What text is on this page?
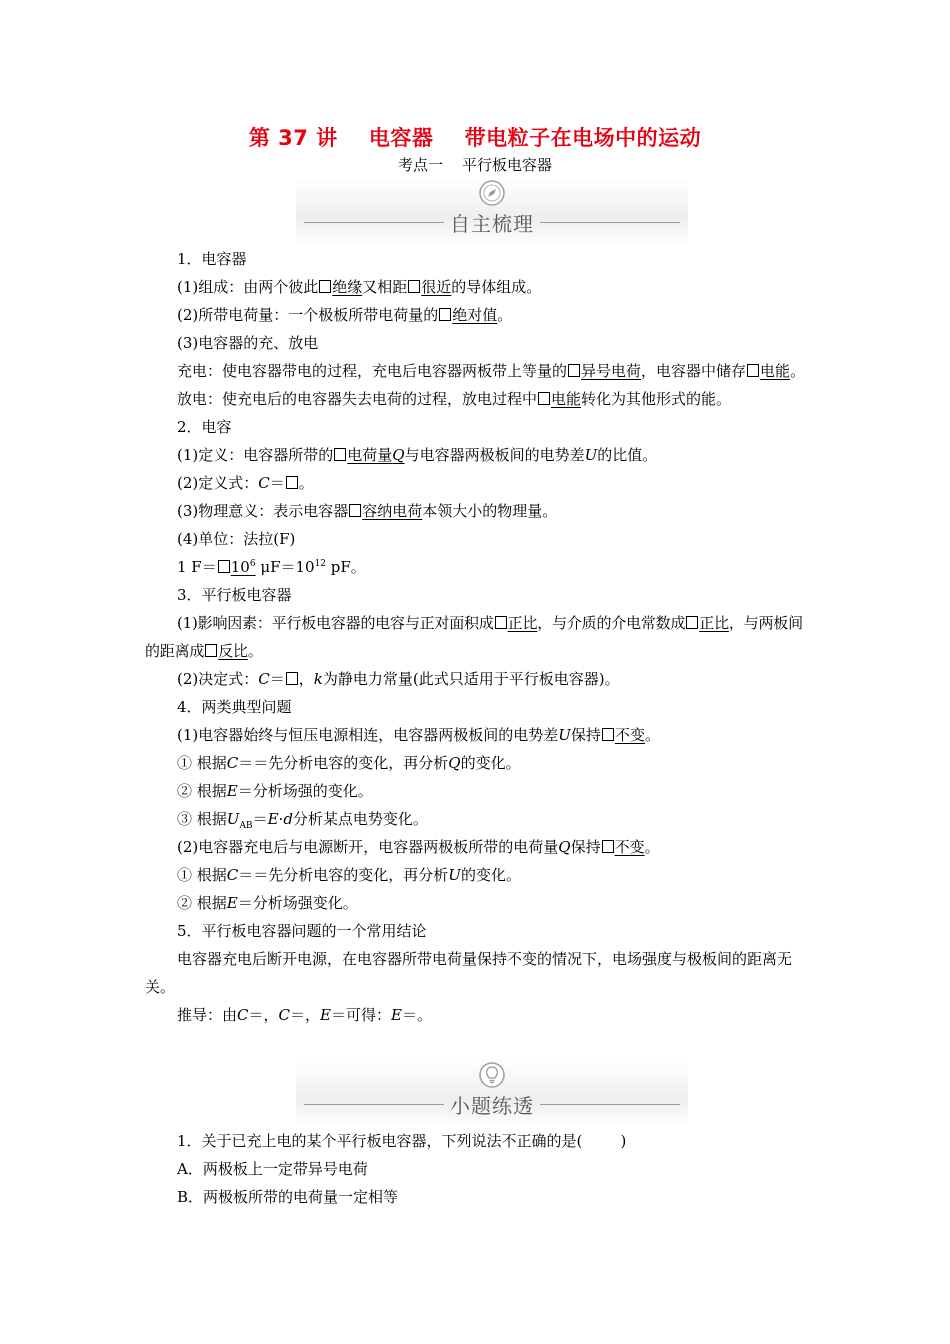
第 37 讲    电容器    带电粒子在电场中的运动
考点一    平行板电容器
自主梳理

1．电容器

(1)组成：由两个彼此 绝缘又相距 很近的导体组成。

(2)所带电荷量：一个极板所带电荷量的 绝对值。

(3)电容器的充、放电

充电：使电容器带电的过程，充电后电容器两板带上等量的 异号电荷，电容器中储存 电能。

放电：使充电后的电容器失去电荷的过程，放电过程中 电能转化为其他形式的能。

2．电容

(1)定义：电容器所带的 电荷量Q与电容器两极板间的电势差U的比值。

(2)定义式：C＝ 。

(3)物理意义：表示电容器 容纳电荷本领大小的物理量。

(4)单位：法拉(F)

1 $F= 10^6$ $\mu F=10^{12}$ pF。

3．平行板电容器

(1)影响因素：平行板电容器的电容与正对面积成 正比，与介质的介电常数成 正比，与两板间的距离成 反比。

(2)决定式：C＝ ，k为静电力常量(此式只适用于平行板电容器)。

4．两类典型问题

(1)电容器始终与恒压电源相连，电容器两极板间的电势差U保持 不变。

① 根据C＝＝先分析电容的变化，再分析Q的变化。

② 根据E＝分析场强的变化。

③ 根据$U_{AB}=E\cdot d$分析某点电势变化。

(2)电容器充电后与电源断开，电容器两极板所带的电荷量Q保持 不变。

① 根据C＝＝先分析电容的变化，再分析U的变化。

② 根据E＝分析场强变化。

5．平行板电容器问题的一个常用结论

电容器充电后断开电源，在电容器所带电荷量保持不变的情况下，电场强度与极板间的距离无关。

推导：由C＝，C＝，E＝可得：E＝。

小题练透

1．关于已充上电的某个平行板电容器，下列说法不正确的是(        )

A．两极板上一定带异号电荷

B．两极板所带的电荷量一定相等
